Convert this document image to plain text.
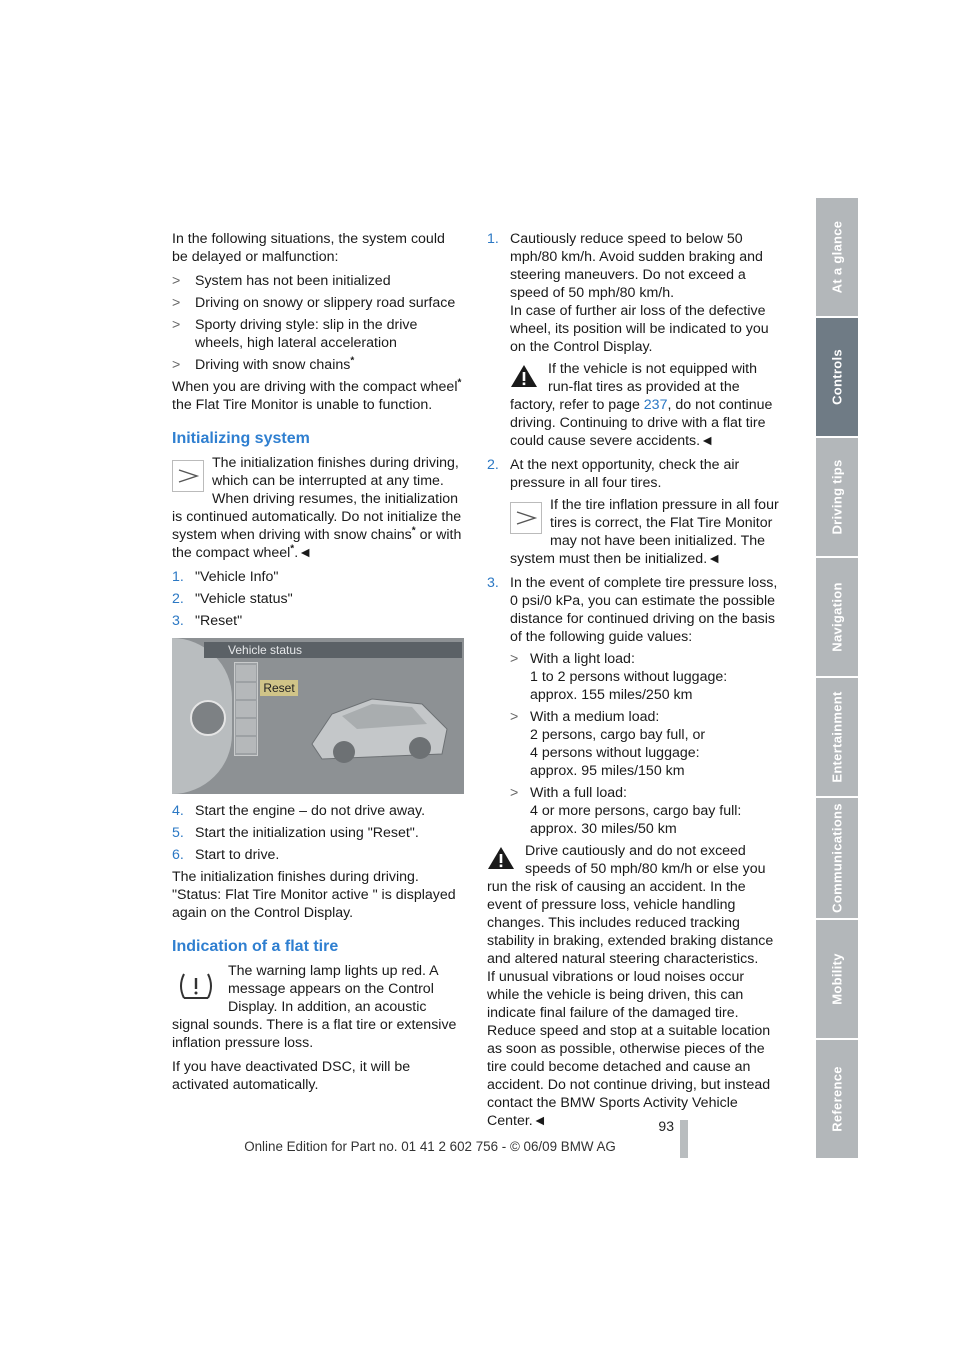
In the following situations, the system could be delayed or malfunction:

> System has not been initialized
> Driving on snowy or slippery road surface
> Sporty driving style: slip in the drive wheels, high lateral acceleration
> Driving with snow chains*

When you are driving with the compact wheel* the Flat Tire Monitor is unable to function.

Initializing system
The initialization finishes during driving, which can be interrupted at any time. When driving resumes, the initialization is continued automatically. Do not initialize the system when driving with snow chains* or with the compact wheel*.◄
1. "Vehicle Info"
2. "Vehicle status"
3. "Reset"
Vehicle status
Reset
4. Start the engine – do not drive away.
5. Start the initialization using "Reset".
6. Start to drive.

The initialization finishes during driving. "Status: Flat Tire Monitor active " is displayed again on the Control Display.

Indication of a flat tire
The warning lamp lights up red. A message appears on the Control Display. In addition, an acoustic signal sounds. There is a flat tire or extensive inflation pressure loss.

If you have deactivated DSC, it will be activated automatically.

1. Cautiously reduce speed to below 50 mph/80 km/h. Avoid sudden braking and steering maneuvers. Do not exceed a speed of 50 mph/80 km/h.
In case of further air loss of the defective wheel, its position will be indicated to you on the Control Display.
If the vehicle is not equipped with run-flat tires as provided at the factory, refer to page 237, do not continue driving. Continuing to drive with a flat tire could cause severe accidents.◄
2. At the next opportunity, check the air pressure in all four tires.
If the tire inflation pressure in all four tires is correct, the Flat Tire Monitor may not have been initialized. The system must then be initialized.◄
3. In the event of complete tire pressure loss, 0 psi/0 kPa, you can estimate the possible distance for continued driving on the basis of the following guide values:
> With a light load:
1 to 2 persons without luggage:
approx. 155 miles/250 km
> With a medium load:
2 persons, cargo bay full, or
4 persons without luggage:
approx. 95 miles/150 km
> With a full load:
4 or more persons, cargo bay full:
approx. 30 miles/50 km
Drive cautiously and do not exceed speeds of 50 mph/80 km/h or else you run the risk of causing an accident. In the event of pressure loss, vehicle handling changes. This includes reduced tracking stability in braking, extended braking distance and altered natural steering characteristics.
If unusual vibrations or loud noises occur while the vehicle is being driven, this can indicate final failure of the damaged tire. Reduce speed and stop at a suitable location as soon as possible, otherwise pieces of the tire could become detached and cause an accident. Do not continue driving, but instead contact the BMW Sports Activity Vehicle Center.◄
At a glance
Controls
Driving tips
Navigation
Entertainment
Communications
Mobility
Reference
93
Online Edition for Part no. 01 41 2 602 756 - © 06/09 BMW AG
